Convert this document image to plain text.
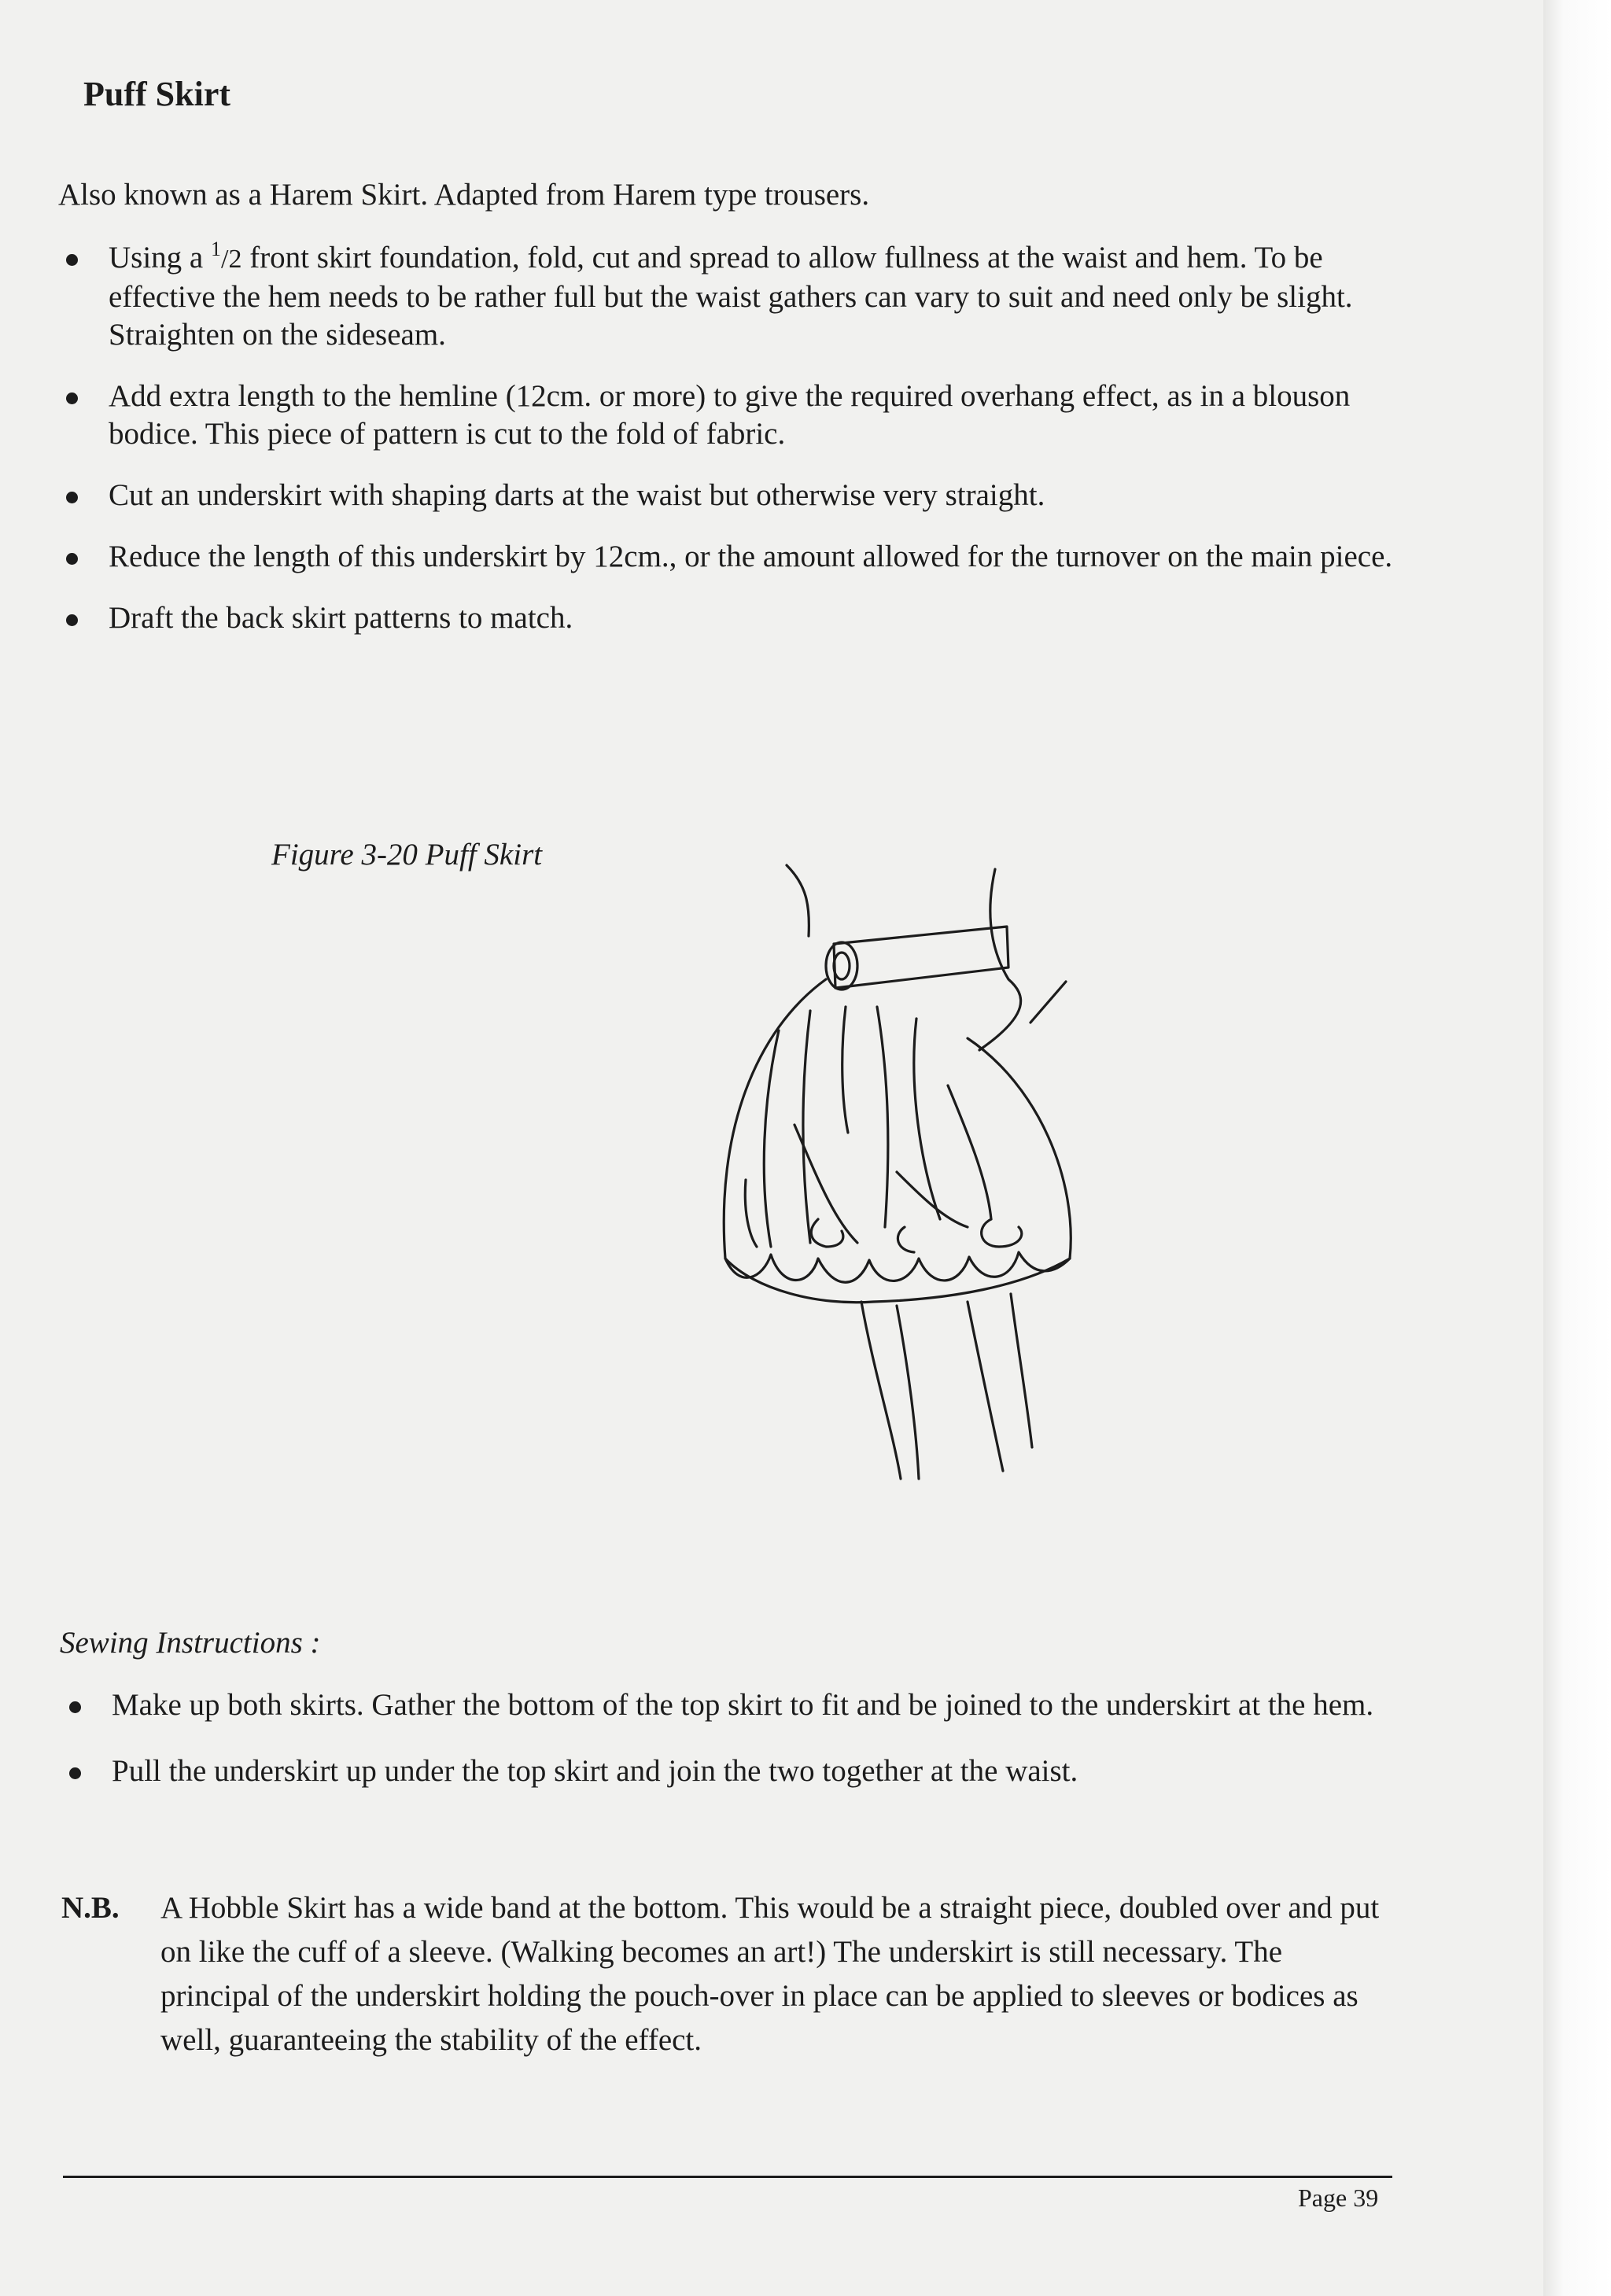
Puff Skirt
Also known as a Harem Skirt. Adapted from Harem type trousers.
Using a $^1$/2 front skirt foundation, fold, cut and spread to allow fullness at the waist and hem. To be effective the hem needs to be rather full but the waist gathers can vary to suit and need only be slight. Straighten on the sideseam.
Add extra length to the hemline (12cm. or more) to give the required overhang effect, as in a blouson bodice. This piece of pattern is cut to the fold of fabric.
Cut an underskirt with shaping darts at the waist but otherwise very straight.
Reduce the length of this underskirt by 12cm., or the amount allowed for the turnover on the main piece.
Draft the back skirt patterns to match.
Figure 3-20 Puff Skirt
Sewing Instructions :
Make up both skirts. Gather the bottom of the top skirt to fit and be joined to the underskirt at the hem.
Pull the underskirt up under the top skirt and join the two together at the waist.
N.B. A Hobble Skirt has a wide band at the bottom. This would be a straight piece, doubled over and put on like the cuff of a sleeve. (Walking becomes an art!) The underskirt is still necessary. The principal of the underskirt holding the pouch-over in place can be applied to sleeves or bodices as well, guaranteeing the stability of the effect.
Page 39
